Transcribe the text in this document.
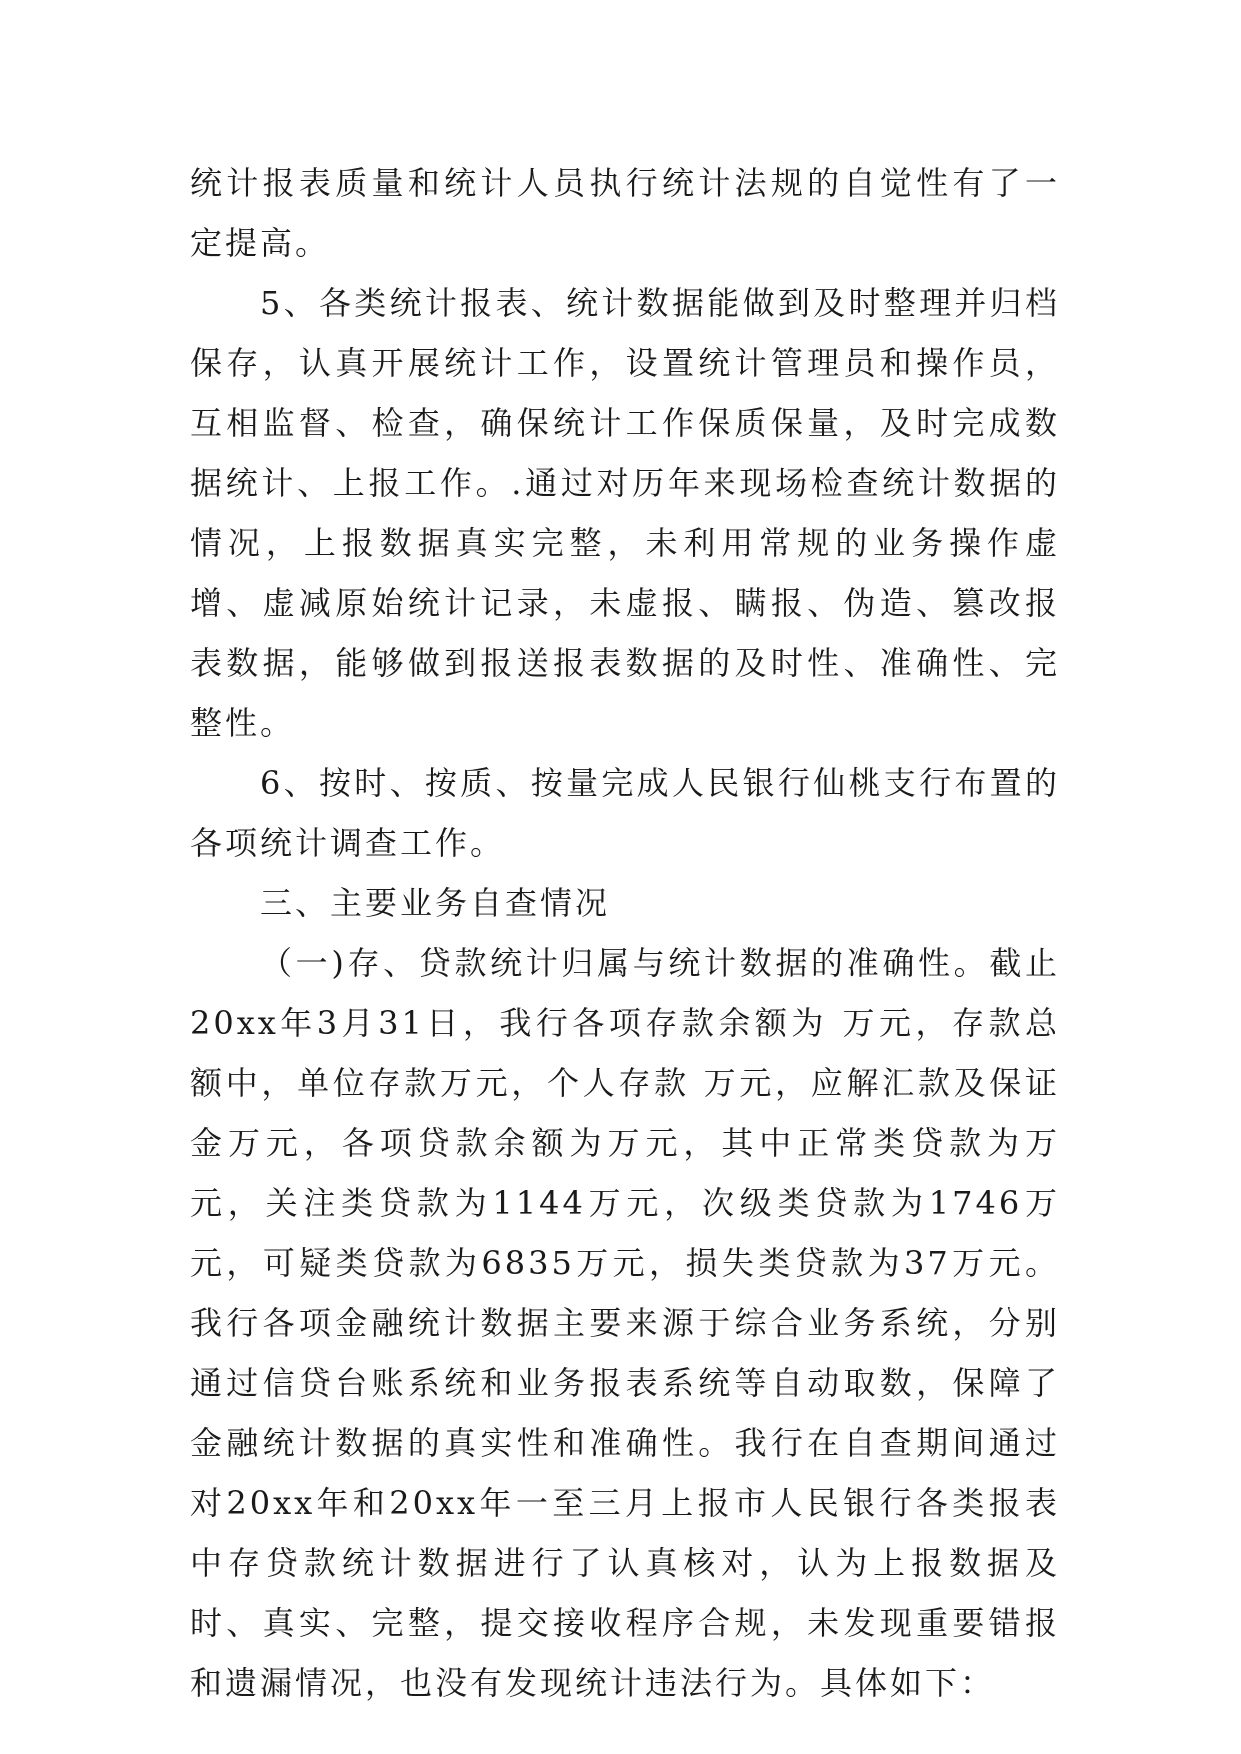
统计报表质量和统计人员执行统计法规的自觉性有了一定提高。

5、各类统计报表、统计数据能做到及时整理并归档保存，认真开展统计工作，设置统计管理员和操作员，互相监督、检查，确保统计工作保质保量，及时完成数据统计、上报工作。.通过对历年来现场检查统计数据的情况，上报数据真实完整，未利用常规的业务操作虚增、虚减原始统计记录，未虚报、瞒报、伪造、篡改报表数据，能够做到报送报表数据的及时性、准确性、完整性。

6、按时、按质、按量完成人民银行仙桃支行布置的各项统计调查工作。

三、主要业务自查情况

（一)存、贷款统计归属与统计数据的准确性。截止20xx年3月31日，我行各项存款余额为 万元，存款总额中，单位存款万元，个人存款 万元，应解汇款及保证金万元，各项贷款余额为万元，其中正常类贷款为万元，关注类贷款为1144万元，次级类贷款为1746万元，可疑类贷款为6835万元，损失类贷款为37万元。我行各项金融统计数据主要来源于综合业务系统，分别通过信贷台账系统和业务报表系统等自动取数，保障了金融统计数据的真实性和准确性。我行在自查期间通过对20xx年和20xx年一至三月上报市人民银行各类报表中存贷款统计数据进行了认真核对，认为上报数据及时、真实、完整，提交接收程序合规，未发现重要错报和遗漏情况，也没有发现统计违法行为。具体如下：
